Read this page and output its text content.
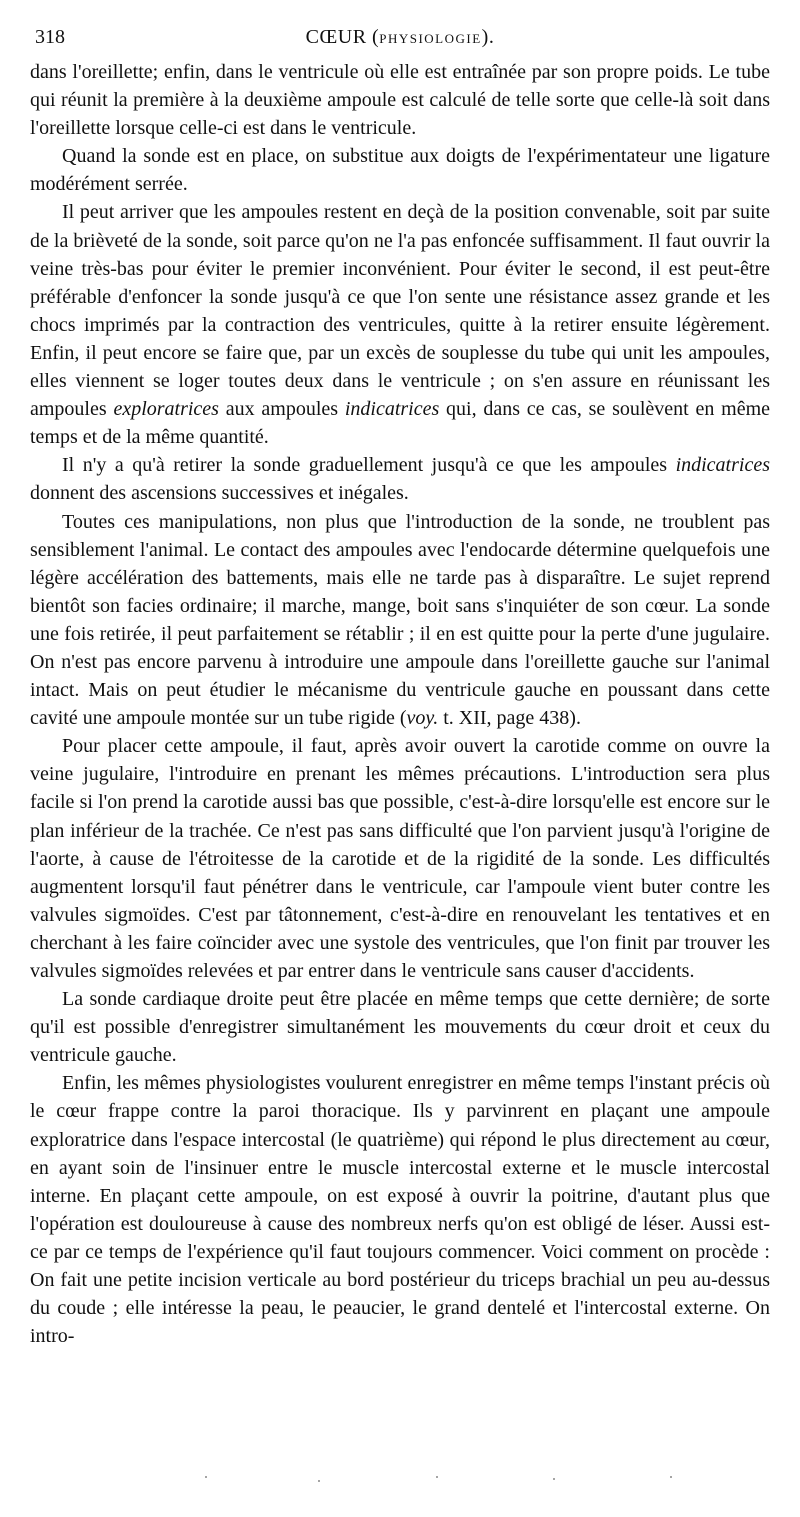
318	CŒUR (PHYSIOLOGIE).

dans l'oreillette; enfin, dans le ventricule où elle est entraînée par son propre poids. Le tube qui réunit la première à la deuxième ampoule est calculé de telle sorte que celle-là soit dans l'oreillette lorsque celle-ci est dans le ventricule.

Quand la sonde est en place, on substitue aux doigts de l'expérimentateur une ligature modérément serrée.

Il peut arriver que les ampoules restent en deçà de la position convenable, soit par suite de la brièveté de la sonde, soit parce qu'on ne l'a pas enfoncée suffisamment. Il faut ouvrir la veine très-bas pour éviter le premier inconvénient. Pour éviter le second, il est peut-être préférable d'enfoncer la sonde jusqu'à ce que l'on sente une résistance assez grande et les chocs imprimés par la contraction des ventricules, quitte à la retirer ensuite légèrement. Enfin, il peut encore se faire que, par un excès de souplesse du tube qui unit les ampoules, elles viennent se loger toutes deux dans le ventricule ; on s'en assure en réunissant les ampoules exploratrices aux ampoules indicatrices qui, dans ce cas, se soulèvent en même temps et de la même quantité.

Il n'y a qu'à retirer la sonde graduellement jusqu'à ce que les ampoules indicatrices donnent des ascensions successives et inégales.

Toutes ces manipulations, non plus que l'introduction de la sonde, ne troublent pas sensiblement l'animal. Le contact des ampoules avec l'endocarde détermine quelquefois une légère accélération des battements, mais elle ne tarde pas à disparaître. Le sujet reprend bientôt son facies ordinaire; il marche, mange, boit sans s'inquiéter de son cœur. La sonde une fois retirée, il peut parfaitement se rétablir ; il en est quitte pour la perte d'une jugulaire. On n'est pas encore parvenu à introduire une ampoule dans l'oreillette gauche sur l'animal intact. Mais on peut étudier le mécanisme du ventricule gauche en poussant dans cette cavité une ampoule montée sur un tube rigide (voy. t. XII, page 438).

Pour placer cette ampoule, il faut, après avoir ouvert la carotide comme on ouvre la veine jugulaire, l'introduire en prenant les mêmes précautions. L'introduction sera plus facile si l'on prend la carotide aussi bas que possible, c'est-à-dire lorsqu'elle est encore sur le plan inférieur de la trachée. Ce n'est pas sans difficulté que l'on parvient jusqu'à l'origine de l'aorte, à cause de l'étroitesse de la carotide et de la rigidité de la sonde. Les difficultés augmentent lorsqu'il faut pénétrer dans le ventricule, car l'ampoule vient buter contre les valvules sigmoïdes. C'est par tâtonnement, c'est-à-dire en renouvelant les tentatives et en cherchant à les faire coïncider avec une systole des ventricules, que l'on finit par trouver les valvules sigmoïdes relevées et par entrer dans le ventricule sans causer d'accidents.

La sonde cardiaque droite peut être placée en même temps que cette dernière; de sorte qu'il est possible d'enregistrer simultanément les mouvements du cœur droit et ceux du ventricule gauche.

Enfin, les mêmes physiologistes voulurent enregistrer en même temps l'instant précis où le cœur frappe contre la paroi thoracique. Ils y parvinrent en plaçant une ampoule exploratrice dans l'espace intercostal (le quatrième) qui répond le plus directement au cœur, en ayant soin de l'insinuer entre le muscle intercostal externe et le muscle intercostal interne. En plaçant cette ampoule, on est exposé à ouvrir la poitrine, d'autant plus que l'opération est douloureuse à cause des nombreux nerfs qu'on est obligé de léser. Aussi est-ce par ce temps de l'expérience qu'il faut toujours commencer. Voici comment on procède : On fait une petite incision verticale au bord postérieur du triceps brachial un peu au-dessus du coude ; elle intéresse la peau, le peaucier, le grand dentelé et l'intercostal externe. On intro-
